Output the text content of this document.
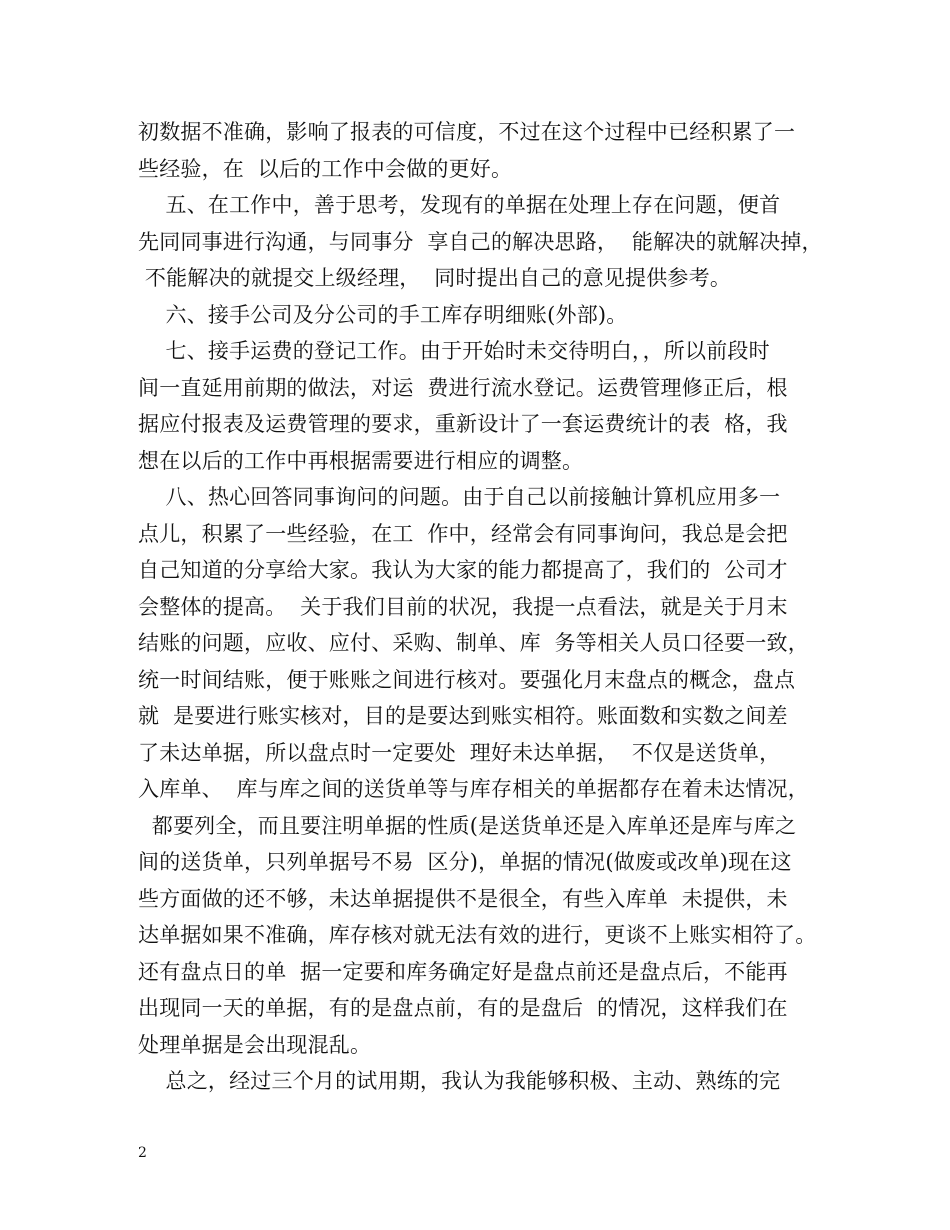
初数据不准确，影响了报表的可信度，不过在这个过程中已经积累了一
些经验，在  以后的工作中会做的更好。
五、在工作中，善于思考，发现有的单据在处理上存在问题，便首
先同同事进行沟通，与同事分  享自己的解决思路，  能解决的就解决掉，
不能解决的就提交上级经理，  同时提出自己的意见提供参考。
六、接手公司及分公司的手工库存明细账(外部)。
七、接手运费的登记工作。由于开始时未交待明白，，所以前段时
间一直延用前期的做法，对运  费进行流水登记。运费管理修正后，根
据应付报表及运费管理的要求，重新设计了一套运费统计的表  格，我
想在以后的工作中再根据需要进行相应的调整。
八、热心回答同事询问的问题。由于自己以前接触计算机应用多一
点儿，积累了一些经验，在工  作中，经常会有同事询问，我总是会把
自己知道的分享给大家。我认为大家的能力都提高了，我们的  公司才
会整体的提高。  关于我们目前的状况，我提一点看法，就是关于月末
结账的问题，应收、应付、采购、制单、库  务等相关人员口径要一致，
统一时间结账，便于账账之间进行核对。要强化月末盘点的概念，盘点
就  是要进行账实核对，目的是要达到账实相符。账面数和实数之间差
了未达单据，所以盘点时一定要处  理好未达单据，  不仅是送货单，
入库单、  库与库之间的送货单等与库存相关的单据都存在着未达情况，
都要列全，而且要注明单据的性质(是送货单还是入库单还是库与库之
间的送货单，只列单据号不易  区分)，单据的情况(做废或改单)现在这
些方面做的还不够，未达单据提供不是很全，有些入库单  未提供，未
达单据如果不准确，库存核对就无法有效的进行，更谈不上账实相符了。
还有盘点日的单  据一定要和库务确定好是盘点前还是盘点后，不能再
出现同一天的单据，有的是盘点前，有的是盘后  的情况，这样我们在
处理单据是会出现混乱。
总之，经过三个月的试用期，我认为我能够积极、主动、熟练的完
2
